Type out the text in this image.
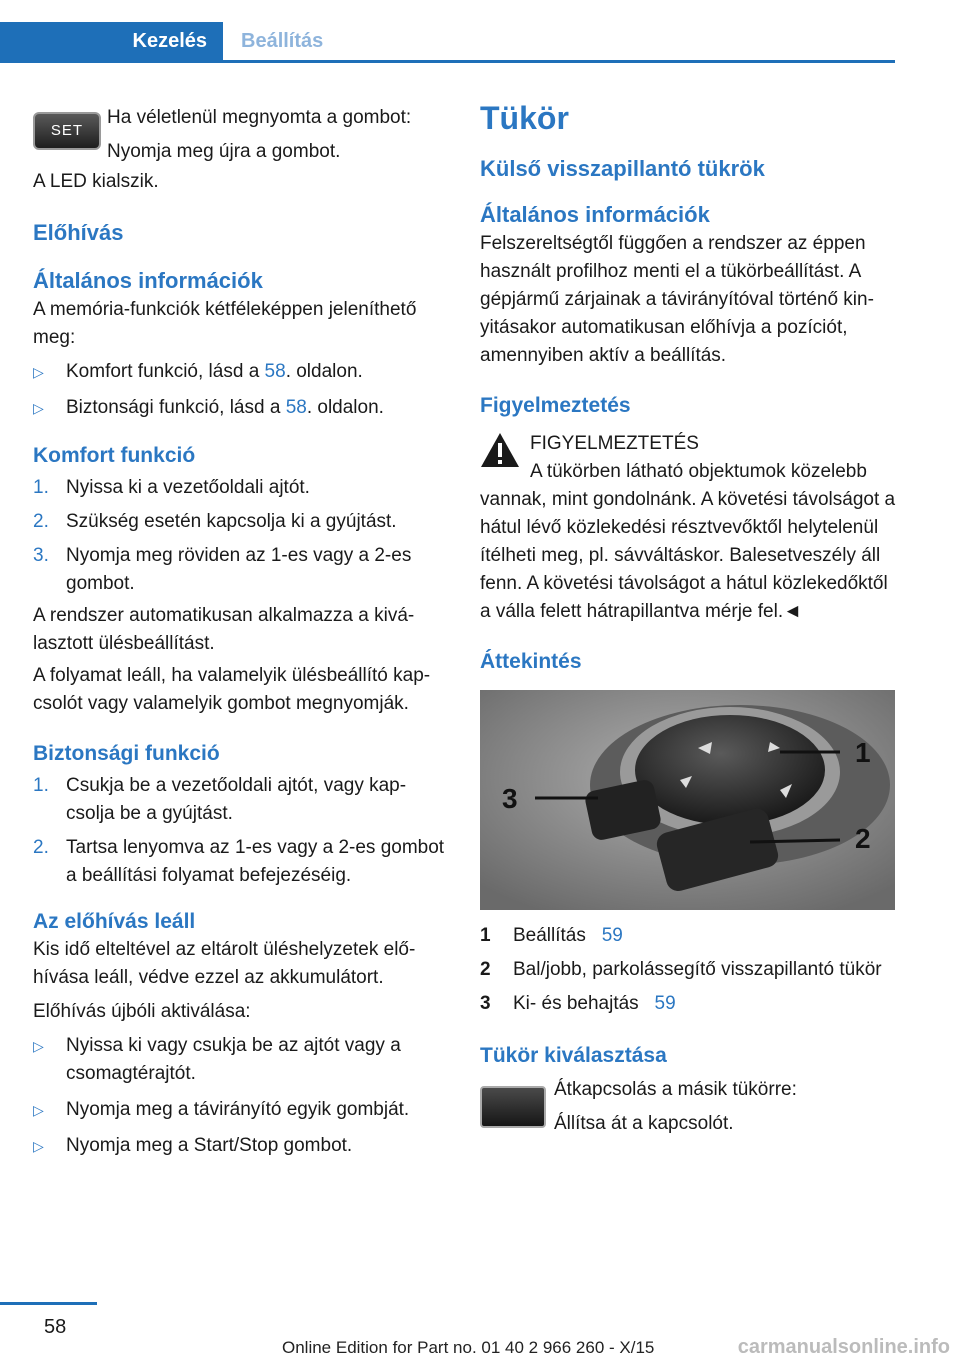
Kezelés Beállítás
SET

Ha véletlenül megnyomta a gombot:

Nyomja meg újra a gombot.

A LED kialszik.

Előhívás

Általános információk

A memória-funkciók kétféleképpen jeleníthető meg:

▷ Komfort funkció, lásd a 58. oldalon.
▷ Biztonsági funkció, lásd a 58. oldalon.

Komfort funkció

1. Nyissa ki a vezetőoldali ajtót.
2. Szükség esetén kapcsolja ki a gyújtást.
3. Nyomja meg röviden az 1-es vagy a 2-es gombot.

A rendszer automatikusan alkalmazza a kiválasztott ülésbeállítást.

A folyamat leáll, ha valamelyik ülésbeállító kapcsolót vagy valamelyik gombot megnyomják.

Biztonsági funkció

1. Csukja be a vezetőoldali ajtót, vagy kapcsolja be a gyújtást.
2. Tartsa lenyomva az 1-es vagy a 2-es gombot a beállítási folyamat befejezéséig.

Az előhívás leáll

Kis idő elteltével az eltárolt üléshelyzetek előhívása leáll, védve ezzel az akkumulátort.

Előhívás újbóli aktiválása:

▷ Nyissa ki vagy csukja be az ajtót vagy a csomagtérajtót.
▷ Nyomja meg a távirányító egyik gombját.
▷ Nyomja meg a Start/Stop gombot.

Tükör

Külső visszapillantó tükrök

Általános információk

Felszereltségtől függően a rendszer az éppen használt profilhoz menti el a tükörbeállítást. A gépjármű zárjainak a távirányítóval történő kinyitásakor automatikusan előhívja a pozíciót, amennyiben aktív a beállítás.

Figyelmeztetés

FIGYELMEZTETÉS

A tükörben látható objektumok közelebb vannak, mint gondolnánk. A követési távolságot a hátul lévő közlekedési résztvevőktől helytelenül ítélheti meg, pl. sávváltáskor. Balesetveszély áll fenn. A követési távolságot a hátul közlekedőktől a válla felett hátrapillantva mérje fel.◄

Áttekintés

1
2
3
1 Beállítás 59
2 Bal/jobb, parkolássegítő visszapillantó tükör
3 Ki- és behajtás 59

Tükör kiválasztása

Átkapcsolás a másik tükörre:

Állítsa át a kapcsolót.

58
Online Edition for Part no. 01 40 2 966 260 - X/15	carmanualsonline.info
